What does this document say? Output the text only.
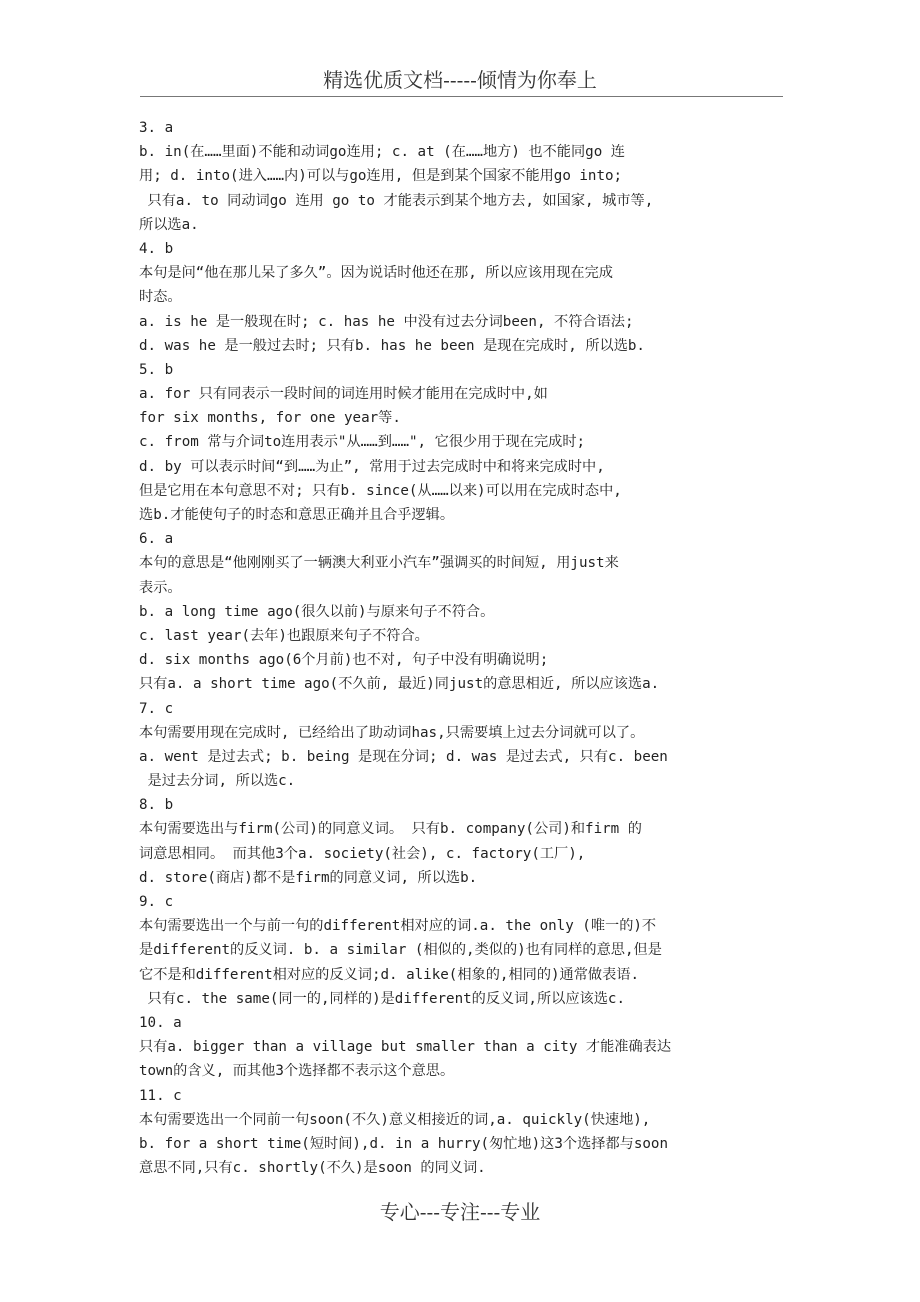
精选优质文档-----倾情为你奉上
3. a
b. in(在……里面)不能和动词go连用; c. at (在……地方) 也不能同go 连
用; d. into(进入……内)可以与go连用, 但是到某个国家不能用go into;
只有a. to 同动词go 连用 go to 才能表示到某个地方去, 如国家, 城市等,
所以选a.
4. b
本句是问“他在那儿呆了多久”。因为说话时他还在那, 所以应该用现在完成
时态。
a. is he 是一般现在时; c. has he 中没有过去分词been, 不符合语法;
d. was he 是一般过去时; 只有b. has he been 是现在完成时, 所以选b.
5. b
a. for 只有同表示一段时间的词连用时候才能用在完成时中,如
for six months, for one year等.
c. from 常与介词to连用表示"从……到……", 它很少用于现在完成时;
d. by 可以表示时间“到……为止”, 常用于过去完成时中和将来完成时中,
但是它用在本句意思不对; 只有b. since(从……以来)可以用在完成时态中,
选b.才能使句子的时态和意思正确并且合乎逻辑。
6. a
本句的意思是“他刚刚买了一辆澳大利亚小汽车”强调买的时间短, 用just来
表示。
b. a long time ago(很久以前)与原来句子不符合。
c. last year(去年)也跟原来句子不符合。
d. six months ago(6个月前)也不对, 句子中没有明确说明;
只有a. a short time ago(不久前, 最近)同just的意思相近, 所以应该选a.
7. c
本句需要用现在完成时, 已经给出了助动词has,只需要填上过去分词就可以了。
a. went 是过去式; b. being 是现在分词; d. was 是过去式, 只有c. been
是过去分词, 所以选c.
8. b
本句需要选出与firm(公司)的同意义词。 只有b. company(公司)和firm 的
词意思相同。 而其他3个a. society(社会), c. factory(工厂),
d. store(商店)都不是firm的同意义词, 所以选b.
9. c
本句需要选出一个与前一句的different相对应的词.a. the only (唯一的)不
是different的反义词. b. a similar (相似的,类似的)也有同样的意思,但是
它不是和different相对应的反义词;d. alike(相象的,相同的)通常做表语.
只有c. the same(同一的,同样的)是different的反义词,所以应该选c.
10. a
只有a. bigger than a village but smaller than a city 才能准确表达
town的含义, 而其他3个选择都不表示这个意思。
11. c
本句需要选出一个同前一句soon(不久)意义相接近的词,a. quickly(快速地),
b. for a short time(短时间),d. in a hurry(匆忙地)这3个选择都与soon
意思不同,只有c. shortly(不久)是soon 的同义词.
专心---专注---专业
